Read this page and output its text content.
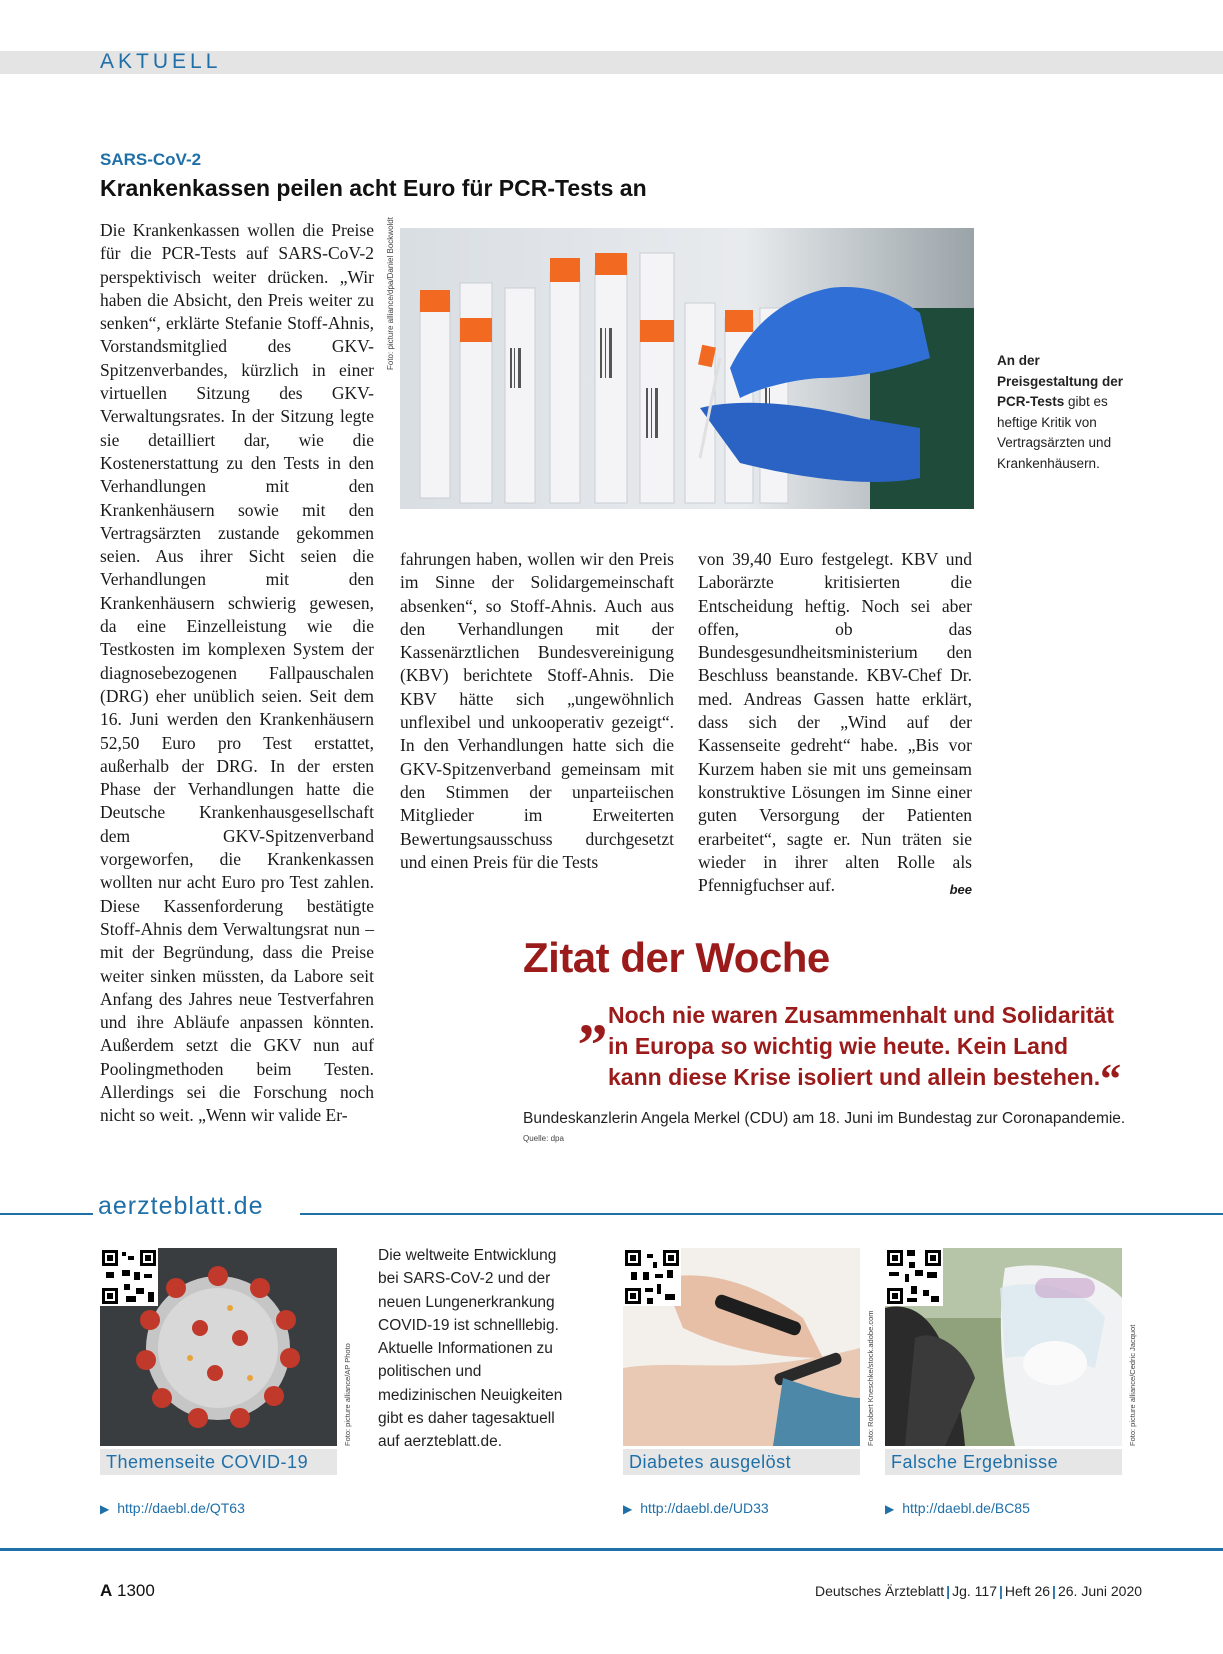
AKTUELL
SARS-CoV-2
Krankenkassen peilen acht Euro für PCR-Tests an
Die Krankenkassen wollen die Preise für die PCR-Tests auf SARS-CoV-2 perspektivisch weiter drücken. „Wir haben die Absicht, den Preis weiter zu senken“, erklärte Stefanie Stoff-Ahnis, Vorstandsmitglied des GKV-Spitzenverbandes, kürzlich in einer virtuellen Sitzung des GKV-Verwaltungsrates. In der Sitzung legte sie detailliert dar, wie die Kostenerstattung zu den Tests in den Verhandlungen mit den Krankenhäusern sowie mit den Vertragsärzten zustande gekommen seien. Aus ihrer Sicht seien die Verhandlungen mit den Krankenhäusern schwierig gewesen, da eine Einzelleistung wie die Testkosten im komplexen System der diagnosebezogenen Fallpauschalen (DRG) eher unüblich seien. Seit dem 16. Juni werden den Krankenhäusern 52,50 Euro pro Test erstattet, außerhalb der DRG. In der ersten Phase der Verhandlungen hatte die Deutsche Krankenhausgesellschaft dem GKV-Spitzenverband vorgeworfen, die Krankenkassen wollten nur acht Euro pro Test zahlen. Diese Kassenforderung bestätigte Stoff-Ahnis dem Verwaltungsrat nun – mit der Begründung, dass die Preise weiter sinken müssten, da Labore seit Anfang des Jahres neue Testverfahren und ihre Abläufe anpassen könnten. Außerdem setzt die GKV nun auf Poolingmethoden beim Testen. Allerdings sei die Forschung noch nicht so weit. „Wenn wir valide Er-
Foto: picture alliance/dpa/Daniel Bockwoldt	An der Preisgestaltung der PCR-Tests gibt es heftige Kritik von Vertragsärzten und Krankenhäusern.
fahrungen haben, wollen wir den Preis im Sinne der Solidargemeinschaft absenken“, so Stoff-Ahnis. Auch aus den Verhandlungen mit der Kassenärztlichen Bundesvereinigung (KBV) berichtete Stoff-Ahnis. Die KBV hätte sich „ungewöhnlich unflexibel und unkooperativ gezeigt“. In den Verhandlungen hatte sich die GKV-Spitzenverband gemeinsam mit den Stimmen der unparteiischen Mitglieder im Erweiterten Bewertungsausschuss durchgesetzt und einen Preis für die Tests
von 39,40 Euro festgelegt. KBV und Laborärzte kritisierten die Entscheidung heftig. Noch sei aber offen, ob das Bundesgesundheitsministerium den Beschluss beanstande. KBV-Chef Dr. med. Andreas Gassen hatte erklärt, dass sich der „Wind auf der Kassenseite gedreht“ habe. „Bis vor Kurzem haben sie mit uns gemeinsam konstruktive Lösungen im Sinne einer guten Versorgung der Patienten erarbeitet“, sagte er. Nun träten sie wieder in ihrer alten Rolle als Pfennigfuchser auf.	bee
Zitat der Woche
„ Noch nie waren Zusammenhalt und Solidarität in Europa so wichtig wie heute. Kein Land kann diese Krise isoliert und allein bestehen.“
Bundeskanzlerin Angela Merkel (CDU) am 18. Juni im Bundestag zur Coronapandemie.
Quelle: dpa
aerzteblatt.de
Foto: picture alliance/AP Photo
Themenseite COVID-19
▶ http://daebl.de/QT63
Die weltweite Entwicklung bei SARS-CoV-2 und der neuen Lungenerkrankung COVID-19 ist schnelllebig. Aktuelle Informationen zu politischen und medizinischen Neuigkeiten gibt es daher tagesaktuell auf aerzteblatt.de.	Foto: Robert Kneschke/stock.adobe.com
Diabetes ausgelöst
▶ http://daebl.de/UD33
Foto: picture alliance/Cedric Jacquot
Falsche Ergebnisse
▶ http://daebl.de/BC85
A 1300	Deutsches Ärzteblatt | Jg. 117 | Heft 26 | 26. Juni 2020
